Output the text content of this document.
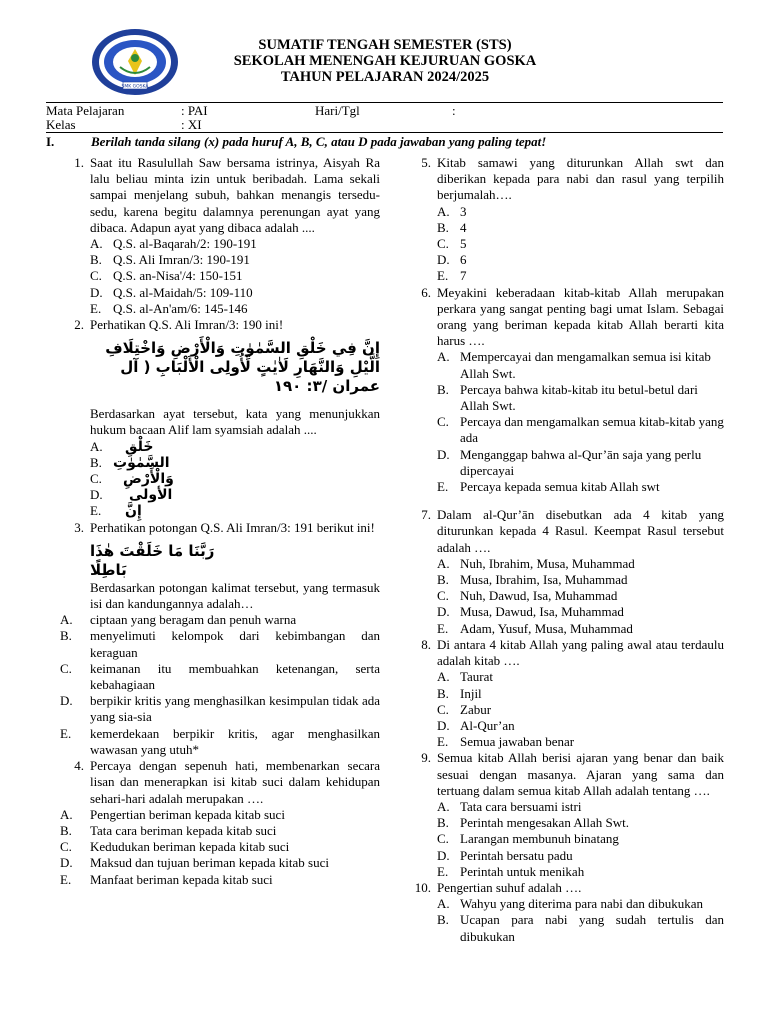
SMK GOSKA
SUMATIF TENGAH SEMESTER (STS)
SEKOLAH MENENGAH KEJURUAN GOSKA
TAHUN PELAJARAN 2024/2025
Mata Pelajaran	: PAI	Hari/Tgl	:
Kelas	: XI
I.	Berilah tanda silang (x) pada huruf A, B, C, atau D pada jawaban yang paling tepat!
1. Saat itu Rasulullah Saw bersama istrinya, Aisyah Ra lalu beliau minta izin untuk beribadah. Lama sekali sampai menjelang subuh, bahkan menangis tersedu-sedu, karena begitu dalamnya perenungan ayat yang dibaca. Adapun ayat yang dibaca adalah ....
A. Q.S. al-Baqarah/2: 190-191
B. Q.S. Ali Imran/3: 190-191
C. Q.S. an-Nisa'/4: 150-151
D. Q.S. al-Maidah/5: 109-110
E. Q.S. al-An'am/6: 145-146
2. Perhatikan Q.S. Ali Imran/3: 190 ini!
إِنَّ فِي خَلْقِ السَّمٰوٰتِ وَالْأَرْضِ وَاخْتِلَافِ الَّيْلِ وَالنَّهَارِ لَاٰيٰتٍ لِّأُولِى الْأَلْبَابِ ( آل عمران /٣: ١٩٠
Berdasarkan ayat tersebut, kata yang menunjukkan hukum bacaan Alif lam syamsiah adalah ....
A. خَلْقِ
B. السَّمٰوٰتِ
C. وَالْأَرْضِ
D. الأولى
E. إِنَّ
3. Perhatikan potongan Q.S. Ali Imran/3: 191 berikut ini!
رَبَّنَا مَا خَلَقْتَ هٰذَا بَاطِلًا
Berdasarkan potongan kalimat tersebut, yang termasuk isi dan kandungannya adalah…
A. ciptaan yang beragam dan penuh warna
B. menyelimuti kelompok dari kebimbangan dan keraguan
C. keimanan itu membuahkan ketenangan, serta kebahagiaan
D. berpikir kritis yang menghasilkan kesimpulan tidak ada yang sia-sia
E. kemerdekaan berpikir kritis, agar menghasilkan wawasan yang utuh*
4. Percaya dengan sepenuh hati, membenarkan secara lisan dan menerapkan isi kitab suci dalam kehidupan sehari-hari adalah merupakan ….
A. Pengertian beriman kepada kitab suci
B. Tata cara beriman kepada kitab suci
C. Kedudukan beriman kepada kitab suci
D. Maksud dan tujuan beriman kepada kitab suci
E. Manfaat beriman kepada kitab suci
5. Kitab samawi yang diturunkan Allah swt dan diberikan kepada para nabi dan rasul yang terpilih berjumalah….
A. 3
B. 4
C. 5
D. 6
E. 7
6. Meyakini keberadaan kitab-kitab Allah merupakan perkara yang sangat penting bagi umat Islam. Sebagai orang yang beriman kepada kitab Allah berarti kita harus ….
A. Mempercayai dan mengamalkan semua isi kitab Allah Swt.
B. Percaya bahwa kitab-kitab itu betul-betul dari Allah Swt.
C. Percaya dan mengamalkan semua kitab-kitab yang ada
D. Menganggap bahwa al-Qur’ān saja yang perlu dipercayai
E. Percaya kepada semua kitab Allah swt
7. Dalam al-Qur’ān disebutkan ada 4 kitab yang diturunkan kepada 4 Rasul. Keempat Rasul tersebut adalah ….
A. Nuh, Ibrahim, Musa, Muhammad
B. Musa, Ibrahim, Isa, Muhammad
C. Nuh, Dawud, Isa, Muhammad
D. Musa, Dawud, Isa, Muhammad
E. Adam, Yusuf, Musa, Muhammad
8. Di antara 4 kitab Allah yang paling awal atau terdaulu adalah kitab ….
A. Taurat
B. Injil
C. Zabur
D. Al-Qur’an
E. Semua jawaban benar
9. Semua kitab Allah berisi ajaran yang benar dan baik sesuai dengan masanya. Ajaran yang sama dan tertuang dalam semua kitab Allah adalah tentang ….
A. Tata cara bersuami istri
B. Perintah mengesakan Allah Swt.
C. Larangan membunuh binatang
D. Perintah bersatu padu
E. Perintah untuk menikah
10. Pengertian suhuf adalah ….
A. Wahyu yang diterima para nabi dan dibukukan
B. Ucapan para nabi yang sudah tertulis dan dibukukan
